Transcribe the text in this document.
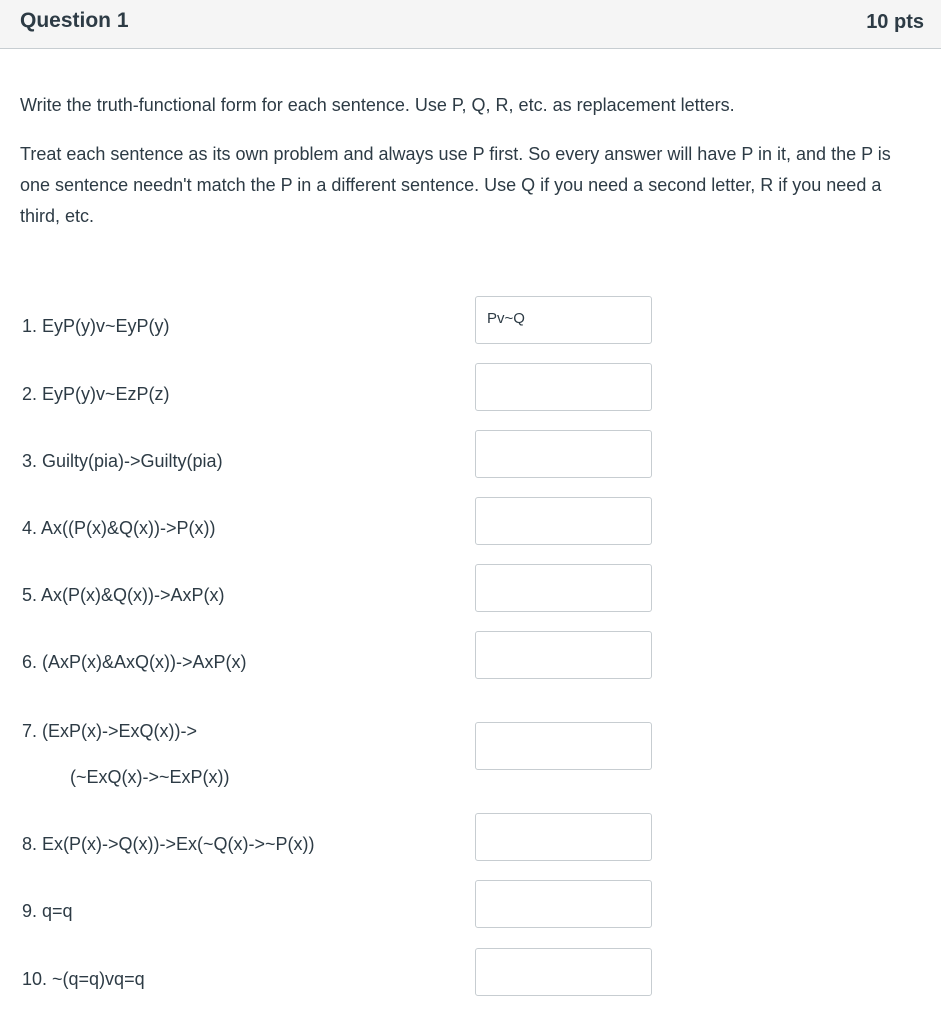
Question 1	10 pts

Write the truth-functional form for each sentence. Use P, Q, R, etc. as replacement letters.

Treat each sentence as its own problem and always use P first. So every answer will have P in it, and the P is one sentence needn't match the P in a different sentence. Use Q if you need a second letter, R if you need a third, etc.

1. EyP(y)v~EyP(y)
Pv~Q
2. EyP(y)v~EzP(z)
3. Guilty(pia)->Guilty(pia)
4. Ax((P(x)&Q(x))->P(x))
5. Ax(P(x)&Q(x))->AxP(x)
6. (AxP(x)&AxQ(x))->AxP(x)
7. (ExP(x)->ExQ(x))->
(~ExQ(x)->~ExP(x))
8. Ex(P(x)->Q(x))->Ex(~Q(x)->~P(x))
9. q=q
10. ~(q=q)vq=q
